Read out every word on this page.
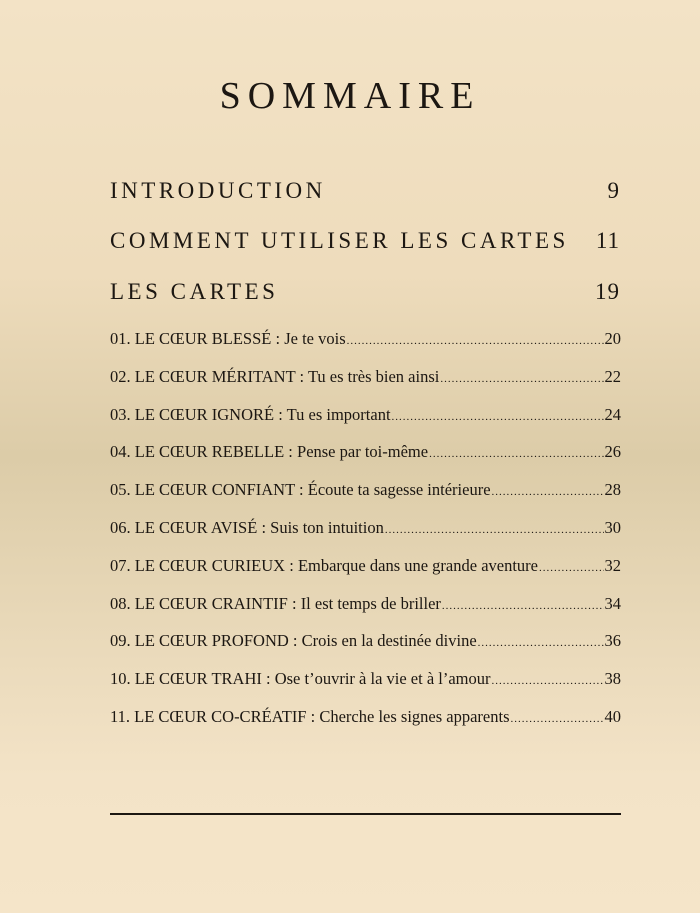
SOMMAIRE
INTRODUCTION	9
COMMENT UTILISER LES CARTES 11
LES CARTES	19
01. LE CŒUR BLESSÉ : Je te vois .....	20
02. LE CŒUR MÉRITANT : Tu es très bien ainsi .....	22
03. LE CŒUR IGNORÉ : Tu es important .....	24
04. LE CŒUR REBELLE : Pense par toi-même .....	26
05. LE CŒUR CONFIANT : Écoute ta sagesse intérieure .....	28
06. LE CŒUR AVISÉ : Suis ton intuition .....	30
07. LE CŒUR CURIEUX : Embarque dans une grande aventure .....	32
08. LE CŒUR CRAINTIF : Il est temps de briller .....	34
09. LE CŒUR PROFOND : Crois en la destinée divine .....	36
10. LE CŒUR TRAHI : Ose t’ouvrir à la vie et à l’amour .....	38
11. LE CŒUR CO-CRÉATIF : Cherche les signes apparents .....	40
